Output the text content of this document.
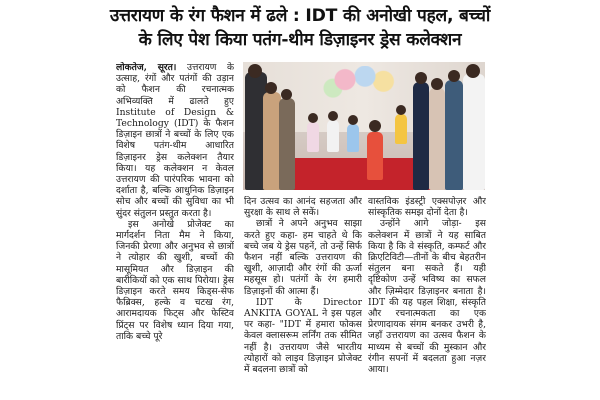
उत्तरायण के रंग फैशन में ढले : IDT की अनोखी पहल, बच्चों
के लिए पेश किया पतंग-थीम डिज़ाइनर ड्रेस कलेक्शन

लोकतेज, सूरत। उत्तरायण के उत्साह, रंगों और पतंगों की उड़ान को फैशन की रचनात्मक अभिव्यक्ति में ढालते हुए Institute of Design & Technology (IDT) के फैशन डिज़ाइन छात्रों ने बच्चों के लिए एक विशेष पतंग-थीम आधारित डिज़ाइनर ड्रेस कलेक्शन तैयार किया। यह कलेक्शन न केवल उत्तरायण की पारंपरिक भावना को दर्शाता है, बल्कि आधुनिक डिज़ाइन सोच और बच्चों की सुविधा का भी सुंदर संतुलन प्रस्तुत करता है।

इस अनोखे प्रोजेक्ट का मार्गदर्शन निता मैम ने किया, जिनकी प्रेरणा और अनुभव से छात्रों ने त्योहार की खुशी, बच्चों की मासूमियत और डिज़ाइन की बारीकियों को एक साथ पिरोया। ड्रेस डिज़ाइन करते समय किड्स-सेफ फैब्रिक्स, हल्के व चटख रंग, आरामदायक फिट्स और फेस्टिव प्रिंट्स पर विशेष ध्यान दिया गया, ताकि बच्चे पूरे

दिन उत्सव का आनंद सहजता और सुरक्षा के साथ ले सकें।

छात्रों ने अपने अनुभव साझा करते हुए कहा- हम चाहते थे कि बच्चे जब ये ड्रेस पहनें, तो उन्हें सिर्फ फैशन नहीं बल्कि उत्तरायण की खुशी, आज़ादी और रंगों की ऊर्जा महसूस हो। पतंगों के रंग हमारी डिज़ाइनों की आत्मा हैं।

IDT के Director ANKITA GOYAL ने इस पहल पर कहा- "IDT में हमारा फोकस केवल क्लासरूम लर्निंग तक सीमित नहीं है। उत्तरायण जैसे भारतीय त्योहारों को लाइव डिज़ाइन प्रोजेक्ट में बदलना छात्रों को

वास्तविक इंडस्ट्री एक्सपोज़र और सांस्कृतिक समझ दोनों देता है।

उन्होंने आगे जोड़ा- इस कलेक्शन में छात्रों ने यह साबित किया है कि वे संस्कृति, कम्फर्ट और क्रिएटिविटी—तीनों के बीच बेहतरीन संतुलन बना सकते हैं। यही दृष्टिकोण उन्हें भविष्य का सफल और ज़िम्मेदार डिज़ाइनर बनाता है। IDT की यह पहल शिक्षा, संस्कृति और रचनात्मकता का एक प्रेरणादायक संगम बनकर उभरी है, जहाँ उत्तरायण का उत्सव फैशन के माध्यम से बच्चों की मुस्कान और रंगीन सपनों में बदलता हुआ नज़र आया।
